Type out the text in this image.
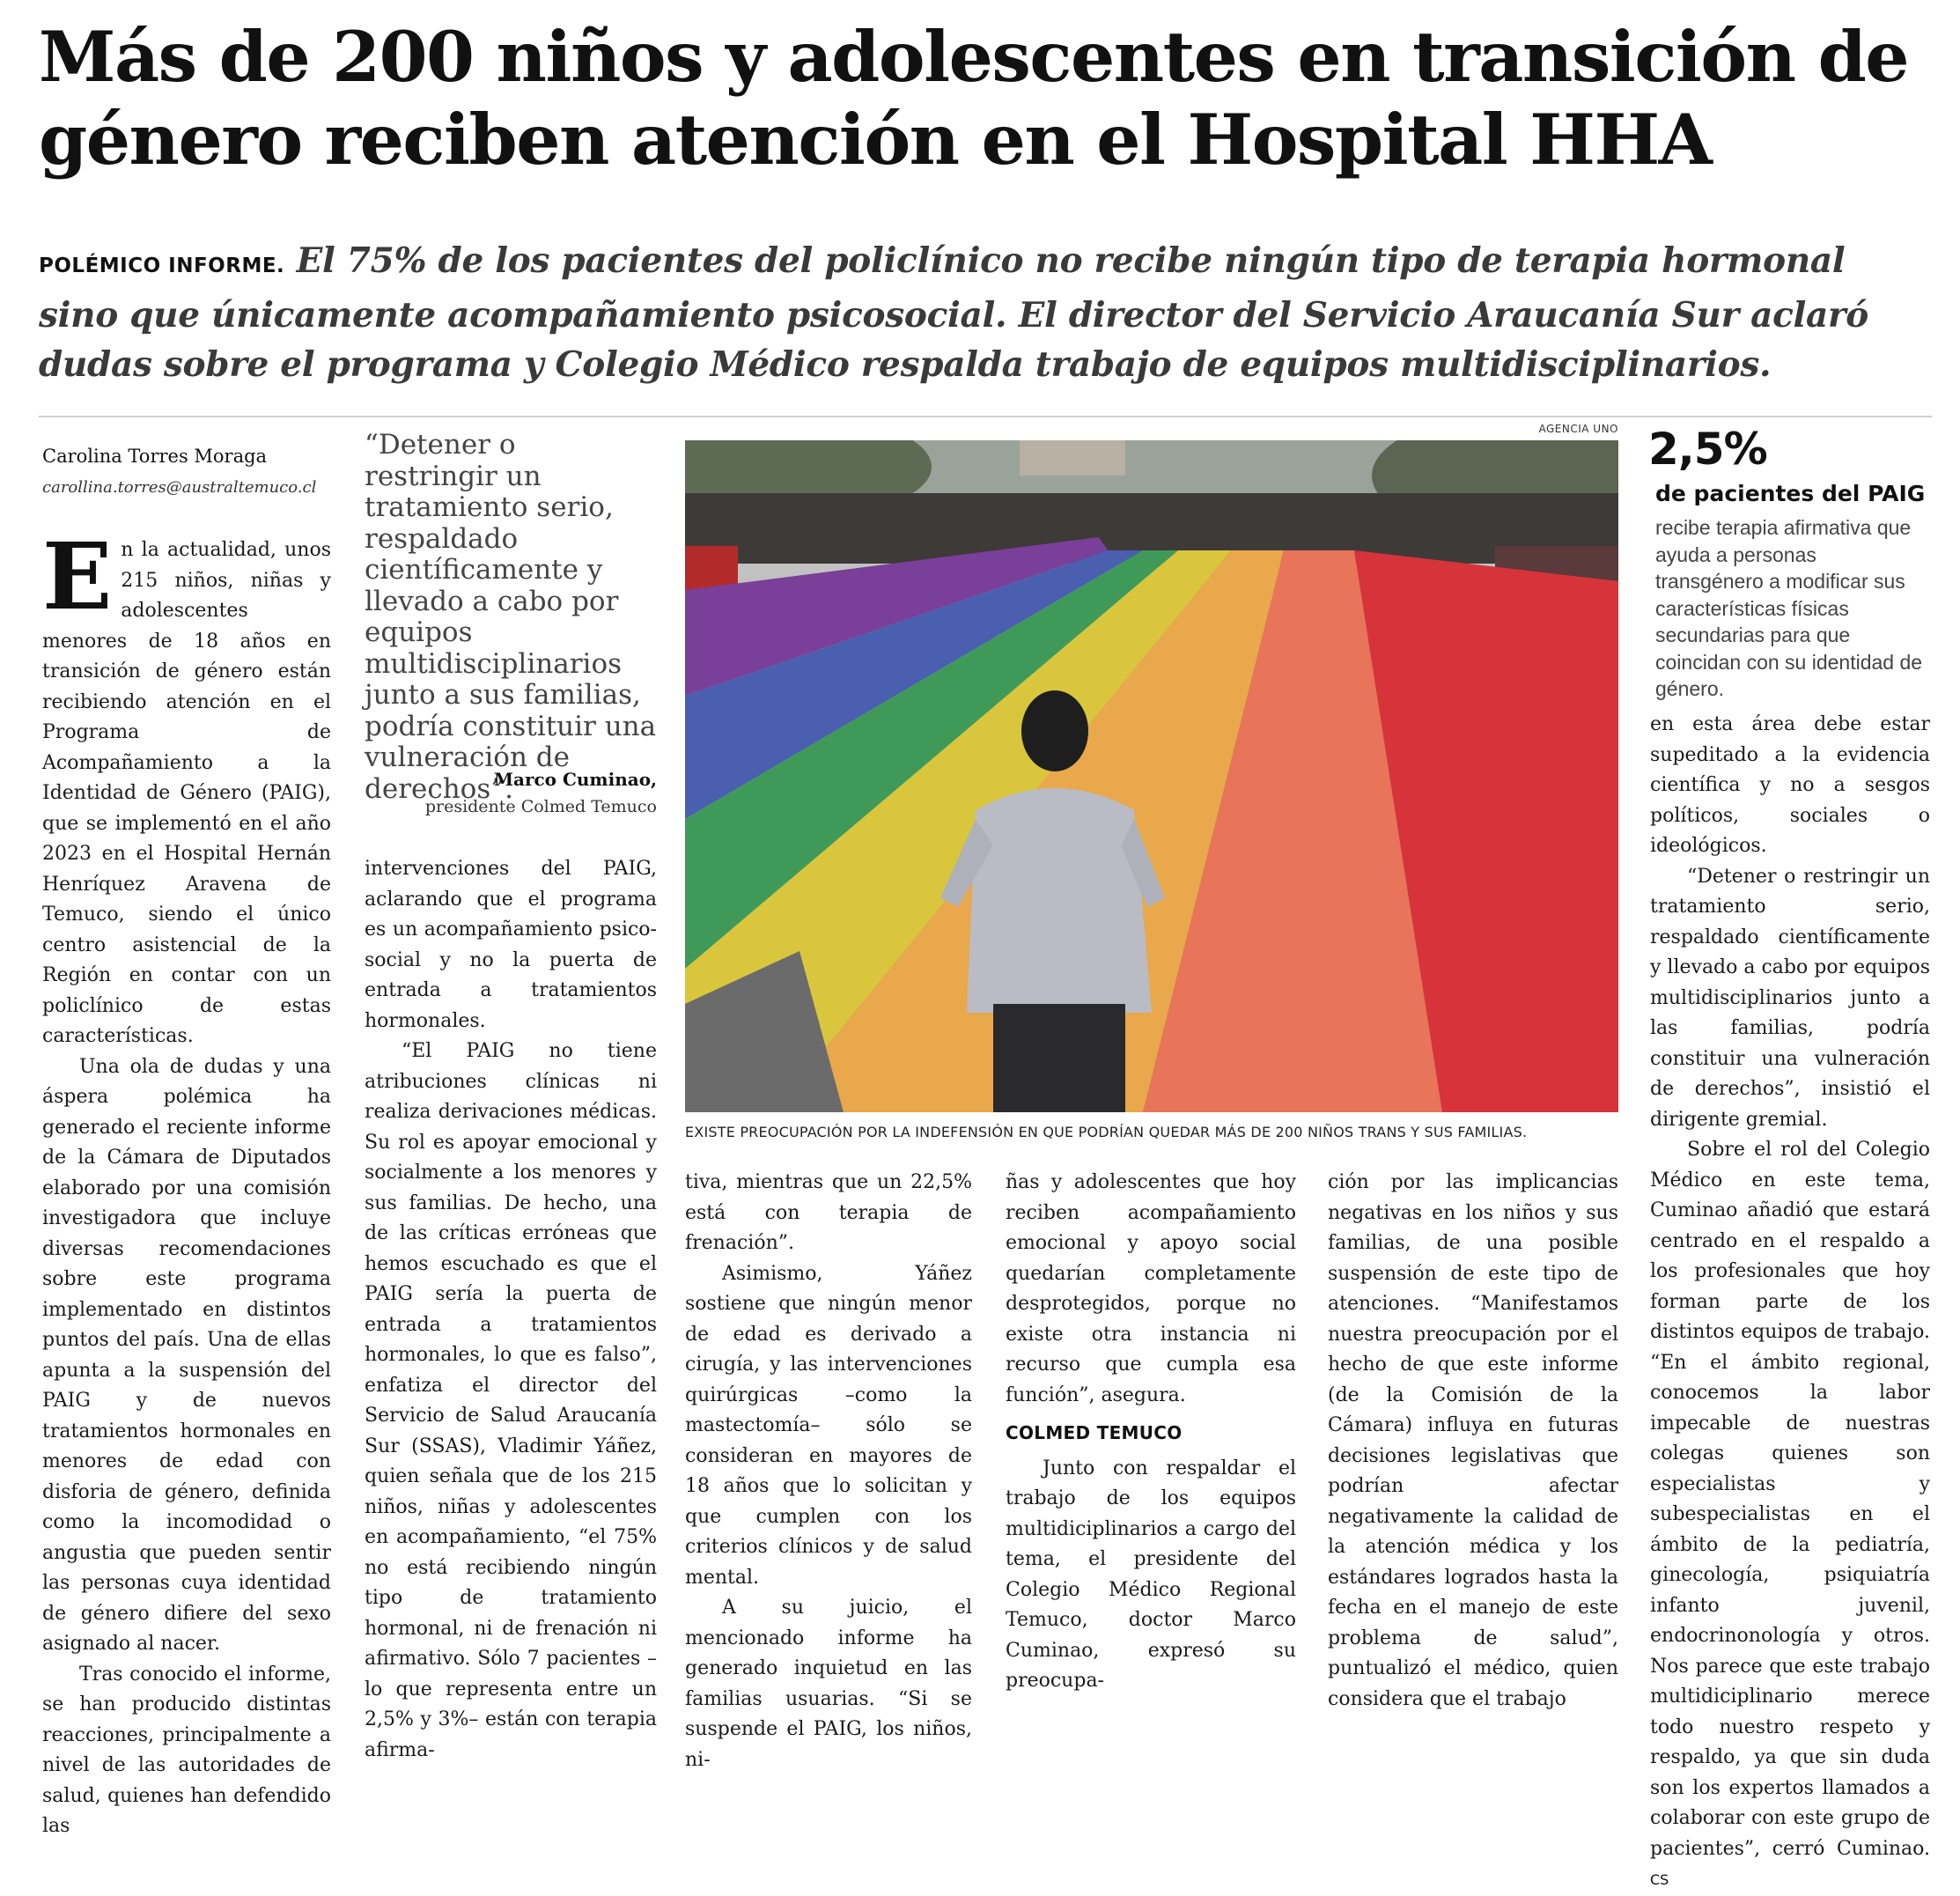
Más de 200 niños y adolescentes en transición de género reciben atención en el Hospital HHA

POLÉMICO INFORME. El 75% de los pacientes del policlínico no recibe ningún tipo de terapia hormonal sino que únicamente acompañamiento psicosocial. El director del Servicio Araucanía Sur aclaró dudas sobre el programa y Colegio Médico respalda trabajo de equipos multidisciplinarios.

Carolina Torres Moraga
carollina.torres@australtemuco.cl
E n la actualidad, unos 215 niños, niñas y adolescentes menores de 18 años en transición de género están recibiendo atención en el Programa de Acompañamiento a la Identidad de Género (PAIG), que se implementó en el año 2023 en el Hospital Hernán Henríquez Aravena de Temuco, siendo el único centro asistencial de la Región en contar con un policlínico de estas características.

Una ola de dudas y una áspera polémica ha generado el reciente informe de la Cámara de Diputados elaborado por una comisión investigadora que incluye diversas recomendaciones sobre este programa implementado en distintos puntos del país. Una de ellas apunta a la suspensión del PAIG y de nuevos tratamientos hormonales en menores de edad con disforia de género, definida como la incomodidad o angustia que pueden sentir las personas cuya identidad de género difiere del sexo asignado al nacer.

Tras conocido el informe, se han producido distintas reacciones, principalmente a nivel de las autoridades de salud, quienes han defendido las

“Detener o restringir un tratamiento serio, respaldado científicamente y llevado a cabo por equipos multidisciplinarios junto a sus familias, podría constituir una vulneración de derechos”.

Marco Cuminao,
presidente Colmed Temuco

intervenciones del PAIG, aclarando que el programa es un acompañamiento psico-social y no la puerta de entrada a tratamientos hormonales.

“El PAIG no tiene atribuciones clínicas ni realiza derivaciones médicas. Su rol es apoyar emocional y socialmente a los menores y sus familias. De hecho, una de las críticas erróneas que hemos escuchado es que el PAIG sería la puerta de entrada a tratamientos hormonales, lo que es falso”, enfatiza el director del Servicio de Salud Araucanía Sur (SSAS), Vladimir Yáñez, quien señala que de los 215 niños, niñas y adolescentes en acompañamiento, “el 75% no está recibiendo ningún tipo de tratamiento hormonal, ni de frenación ni afirmativo. Sólo 7 pacientes –lo que representa entre un 2,5% y 3%– están con terapia afirma-

AGENCIA UNO
EXISTE PREOCUPACIÓN POR LA INDEFENSIÓN EN QUE PODRÍAN QUEDAR MÁS DE 200 NIÑOS TRANS Y SUS FAMILIAS.

tiva, mientras que un 22,5% está con terapia de frenación”.

Asimismo, Yáñez sostiene que ningún menor de edad es derivado a cirugía, y las intervenciones quirúrgicas –como la mastectomía– sólo se consideran en mayores de 18 años que lo solicitan y que cumplen con los criterios clínicos y de salud mental.

A su juicio, el mencionado informe ha generado inquietud en las familias usuarias. “Si se suspende el PAIG, los niños, ni-

ñas y adolescentes que hoy reciben acompañamiento emocional y apoyo social quedarían completamente desprotegidos, porque no existe otra instancia ni recurso que cumpla esa función”, asegura.

COLMED TEMUCO

Junto con respaldar el trabajo de los equipos multidiciplinarios a cargo del tema, el presidente del Colegio Médico Regional Temuco, doctor Marco Cuminao, expresó su preocupa-

ción por las implicancias negativas en los niños y sus familias, de una posible suspensión de este tipo de atenciones. “Manifestamos nuestra preocupación por el hecho de que este informe (de la Comisión de la Cámara) influya en futuras decisiones legislativas que podrían afectar negativamente la calidad de la atención médica y los estándares logrados hasta la fecha en el manejo de este problema de salud”, puntualizó el médico, quien considera que el trabajo

2,5%
de pacientes del PAIG

recibe terapia afirmativa que ayuda a personas transgénero a modificar sus características físicas secundarias para que coincidan con su identidad de género.

en esta área debe estar supeditado a la evidencia científica y no a sesgos políticos, sociales o ideológicos.

“Detener o restringir un tratamiento serio, respaldado científicamente y llevado a cabo por equipos multidisciplinarios junto a las familias, podría constituir una vulneración de derechos”, insistió el dirigente gremial.

Sobre el rol del Colegio Médico en este tema, Cuminao añadió que estará centrado en el respaldo a los profesionales que hoy forman parte de los distintos equipos de trabajo. “En el ámbito regional, conocemos la labor impecable de nuestras colegas quienes son especialistas y subespecialistas en el ámbito de la pediatría, ginecología, psiquiatría infanto juvenil, endocrinonología y otros. Nos parece que este trabajo multidiciplinario merece todo nuestro respeto y respaldo, ya que sin duda son los expertos llamados a colaborar con este grupo de pacientes”, cerró Cuminao. CS
